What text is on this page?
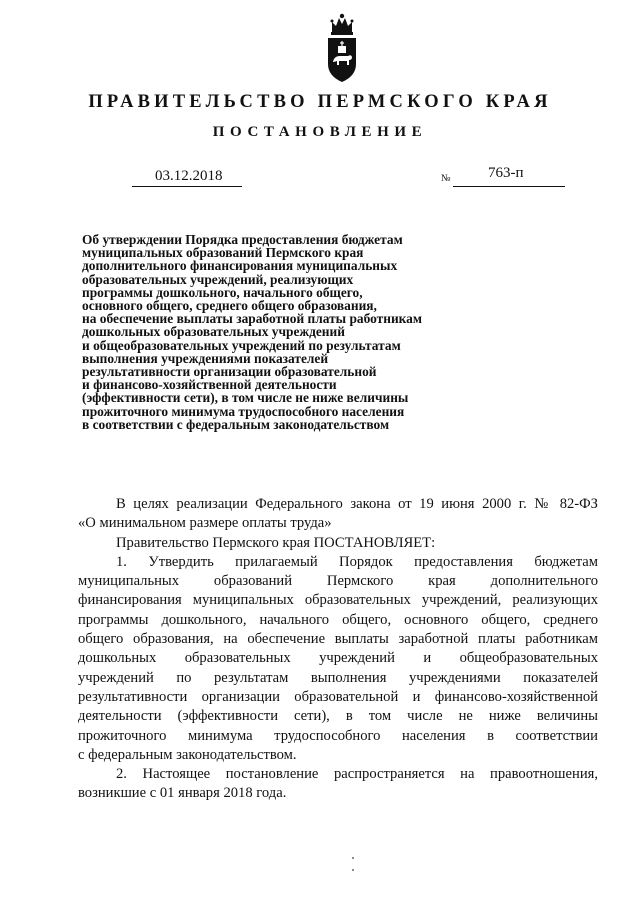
ПРАВИТЕЛЬСТВО ПЕРМСКОГО КРАЯ
ПОСТАНОВЛЕНИЕ
03.12.2018	№ 763-п
Об утверждении Порядка предоставления бюджетам
муниципальных образований Пермского края
дополнительного финансирования муниципальных
образовательных учреждений, реализующих
программы дошкольного, начального общего,
основного общего, среднего общего образования,
на обеспечение выплаты заработной платы работникам
дошкольных образовательных учреждений
и общеобразовательных учреждений по результатам
выполнения учреждениями показателей
результативности организации образовательной
и финансово-хозяйственной деятельности
(эффективности сети), в том числе не ниже величины
прожиточного минимума трудоспособного населения
в соответствии с федеральным законодательством
В целях реализации Федерального закона от 19 июня 2000 г. № 82-ФЗ
«О минимальном размере оплаты труда»
Правительство Пермского края ПОСТАНОВЛЯЕТ:
1. Утвердить прилагаемый Порядок предоставления бюджетам
муниципальных образований Пермского края дополнительного
финансирования муниципальных образовательных учреждений, реализующих
программы дошкольного, начального общего, основного общего, среднего
общего образования, на обеспечение выплаты заработной платы работникам
дошкольных образовательных учреждений и общеобразовательных
учреждений по результатам выполнения учреждениями показателей
результативности организации образовательной и финансово-хозяйственной
деятельности (эффективности сети), в том числе не ниже величины
прожиточного минимума трудоспособного населения в соответствии
с федеральным законодательством.
2. Настоящее постановление распространяется на правоотношения,
возникшие с 01 января 2018 года.
